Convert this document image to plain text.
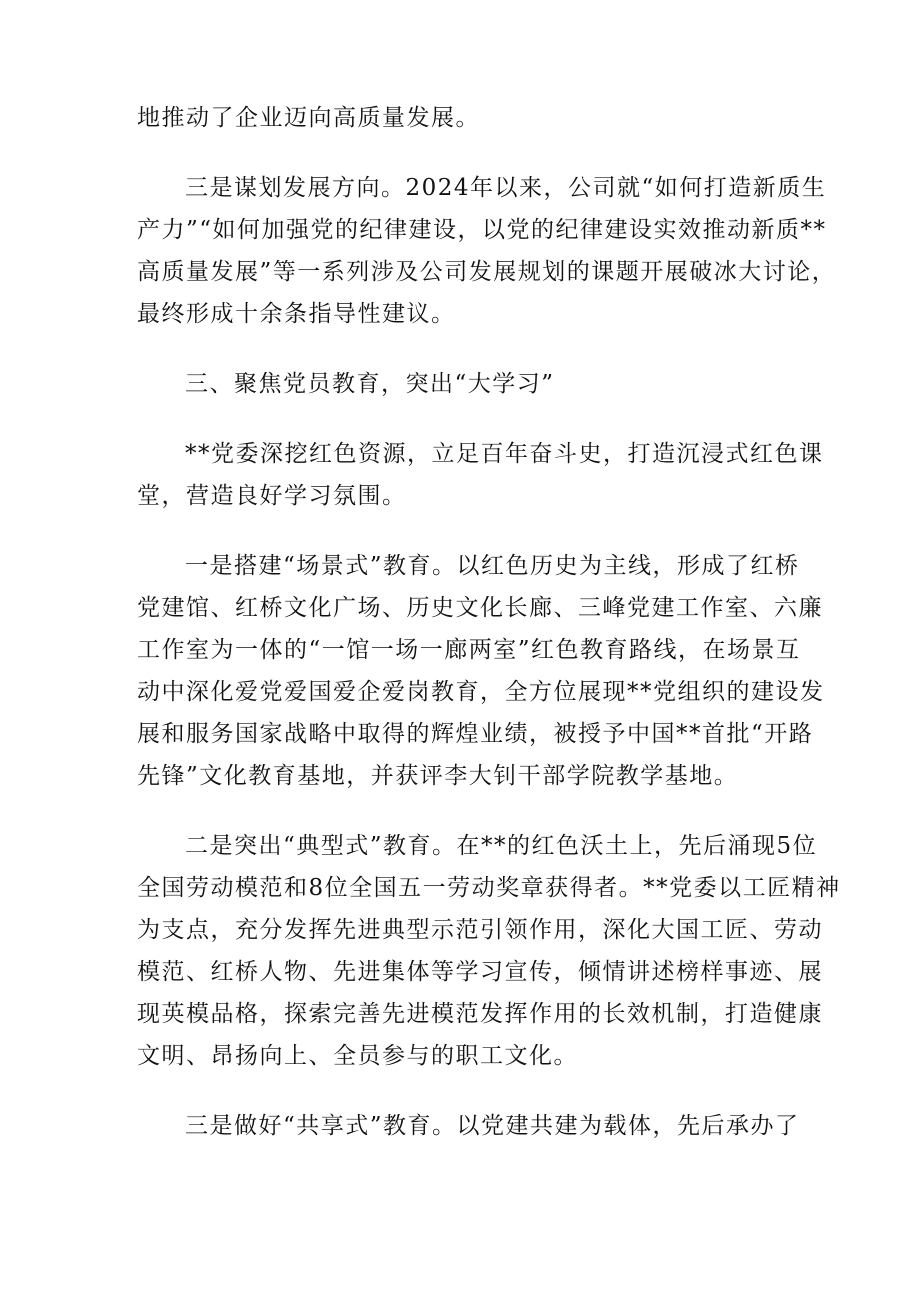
地推动了企业迈向高质量发展。

三是谋划发展方向。2024年以来，公司就“如何打造新质生
产力”“如何加强党的纪律建设，以党的纪律建设实效推动新质**
高质量发展”等一系列涉及公司发展规划的课题开展破冰大讨论，
最终形成十余条指导性建议。

三、聚焦党员教育，突出“大学习”

**党委深挖红色资源，立足百年奋斗史，打造沉浸式红色课
堂，营造良好学习氛围。

一是搭建“场景式”教育。以红色历史为主线，形成了红桥
党建馆、红桥文化广场、历史文化长廊、三峰党建工作室、六廉
工作室为一体的“一馆一场一廊两室”红色教育路线，在场景互
动中深化爱党爱国爱企爱岗教育，全方位展现**党组织的建设发
展和服务国家战略中取得的辉煌业绩，被授予中国**首批“开路
先锋”文化教育基地，并获评李大钊干部学院教学基地。

二是突出“典型式”教育。在**的红色沃土上，先后涌现5位
全国劳动模范和8位全国五一劳动奖章获得者。**党委以工匠精神
为支点，充分发挥先进典型示范引领作用，深化大国工匠、劳动
模范、红桥人物、先进集体等学习宣传，倾情讲述榜样事迹、展
现英模品格，探索完善先进模范发挥作用的长效机制，打造健康
文明、昂扬向上、全员参与的职工文化。

三是做好“共享式”教育。以党建共建为载体，先后承办了
